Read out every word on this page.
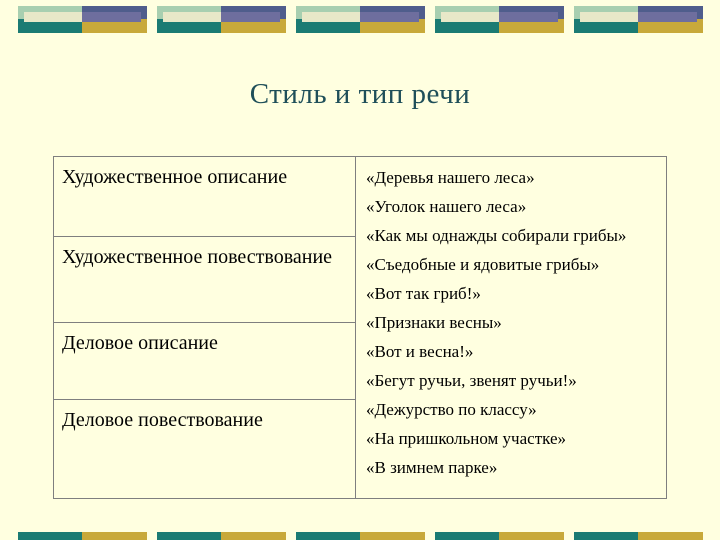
Стиль и тип речи
Художественное описание
Художественное повествование
Деловое описание
Деловое повествование

«Деревья нашего леса»

«Уголок нашего леса»

«Как мы однажды собирали грибы»

«Съедобные и ядовитые грибы»

«Вот так гриб!»

«Признаки весны»

«Вот и весна!»

«Бегут ручьи, звенят ручьи!»

«Дежурство по классу»

«На пришкольном участке»

«В зимнем парке»
